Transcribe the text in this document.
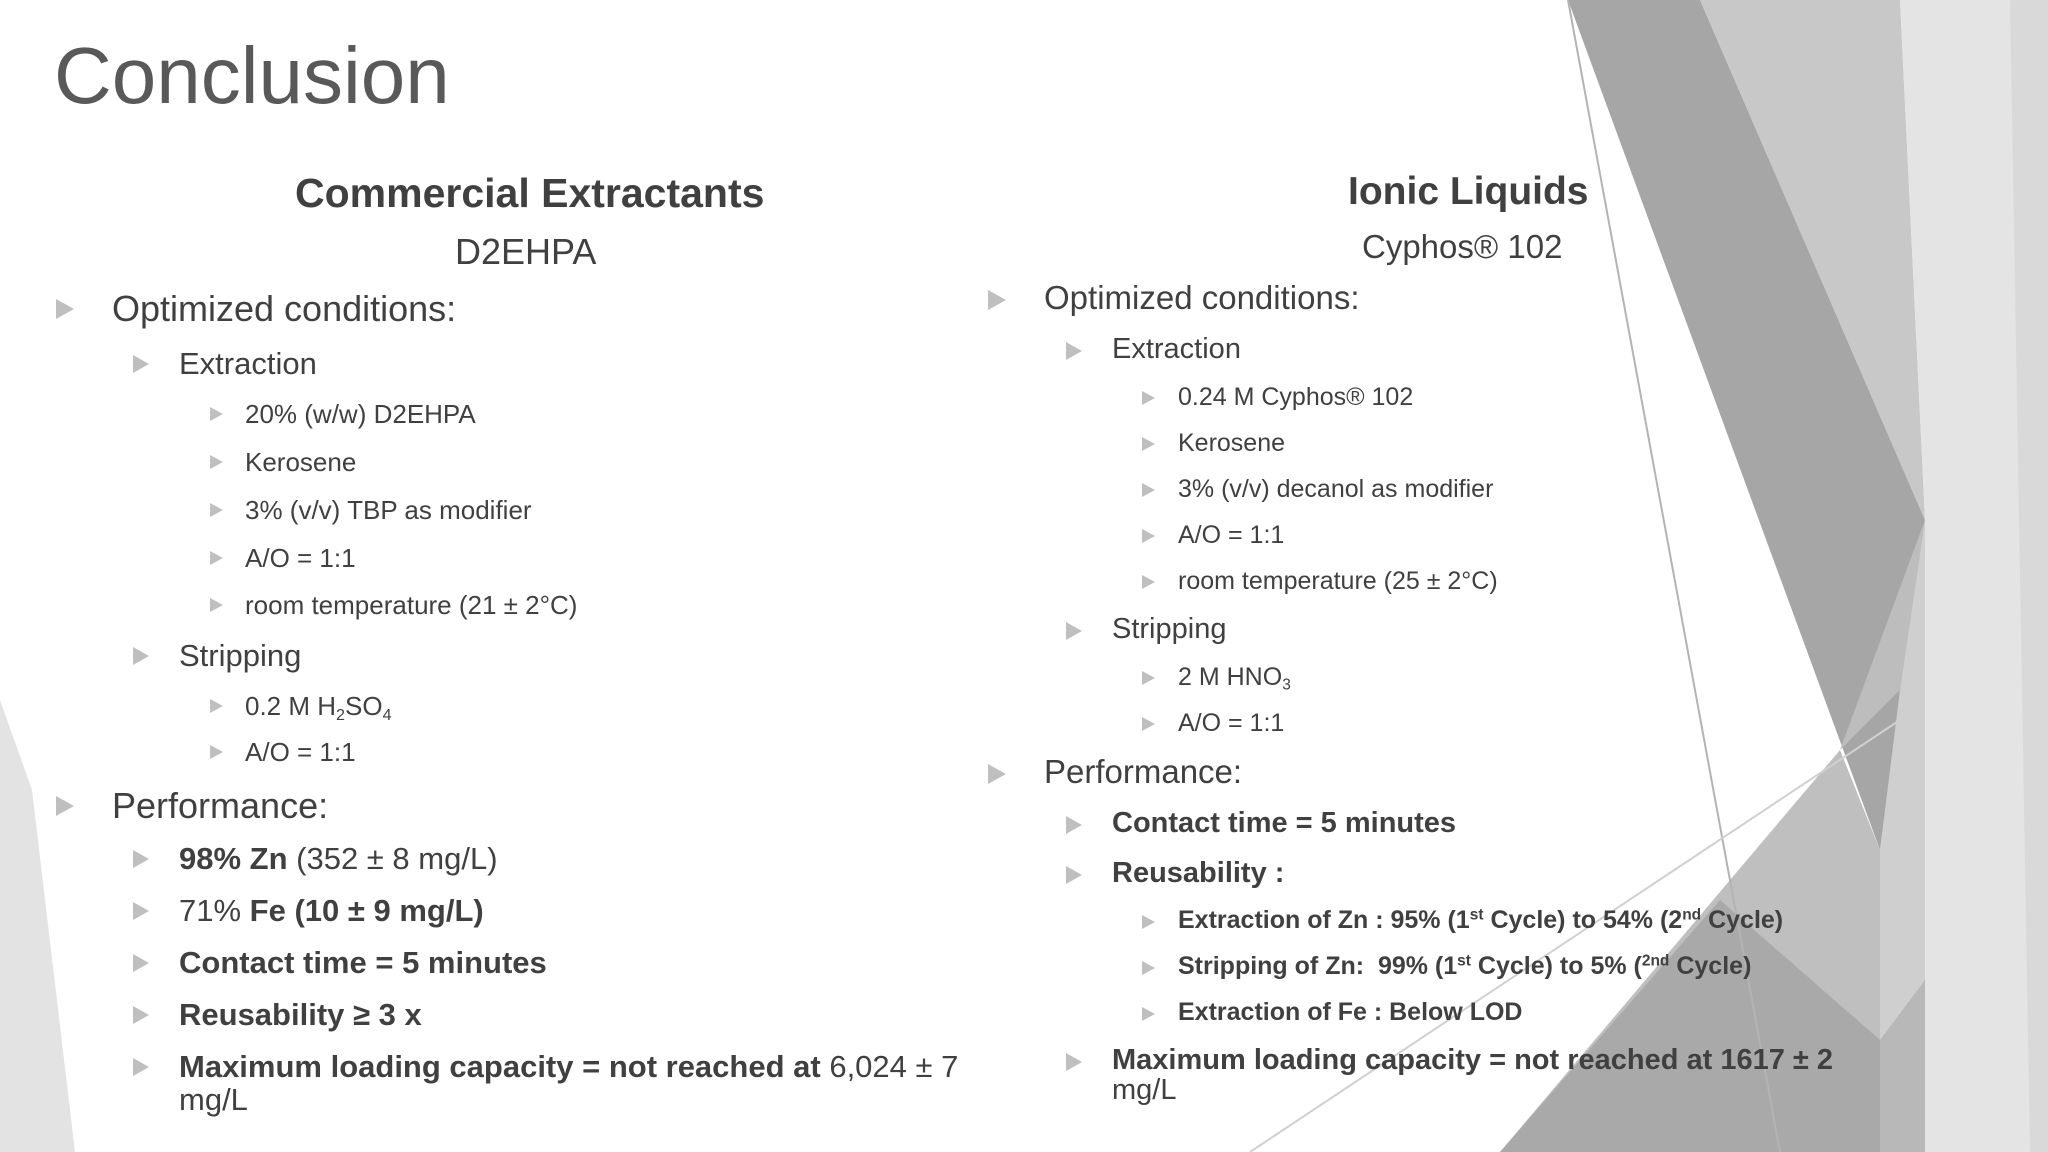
Conclusion
Commercial Extractants
D2EHPA
Optimized conditions:
Extraction
20% (w/w) D2EHPA
Kerosene
3% (v/v) TBP as modifier
A/O = 1:1
room temperature (21 ± 2°C)
Stripping
0.2 M $H_2SO_4$
A/O = 1:1
Performance:
98% Zn (352 ± 8 mg/L)
71% Fe (10 ± 9 mg/L)
Contact time = 5 minutes
Reusability ≥ 3 x
Maximum loading capacity = not reached at 6,024 ± 7
mg/L
Ionic Liquids
Cyphos® 102
Optimized conditions:
Extraction
0.24 M Cyphos® 102
Kerosene
3% (v/v) decanol as modifier
A/O = 1:1
room temperature (25 ± 2°C)
Stripping
2 M $HNO_3$
A/O = 1:1
Performance:
Contact time = 5 minutes
Reusability :
Extraction of Zn : 95% (1st Cycle) to 54% (2nd Cycle)
Stripping of Zn:  99% (1st Cycle) to 5% ($^{2nd}$ Cycle)
Extraction of Fe : Below LOD
Maximum loading capacity = not reached at 1617 ± 2
mg/L
